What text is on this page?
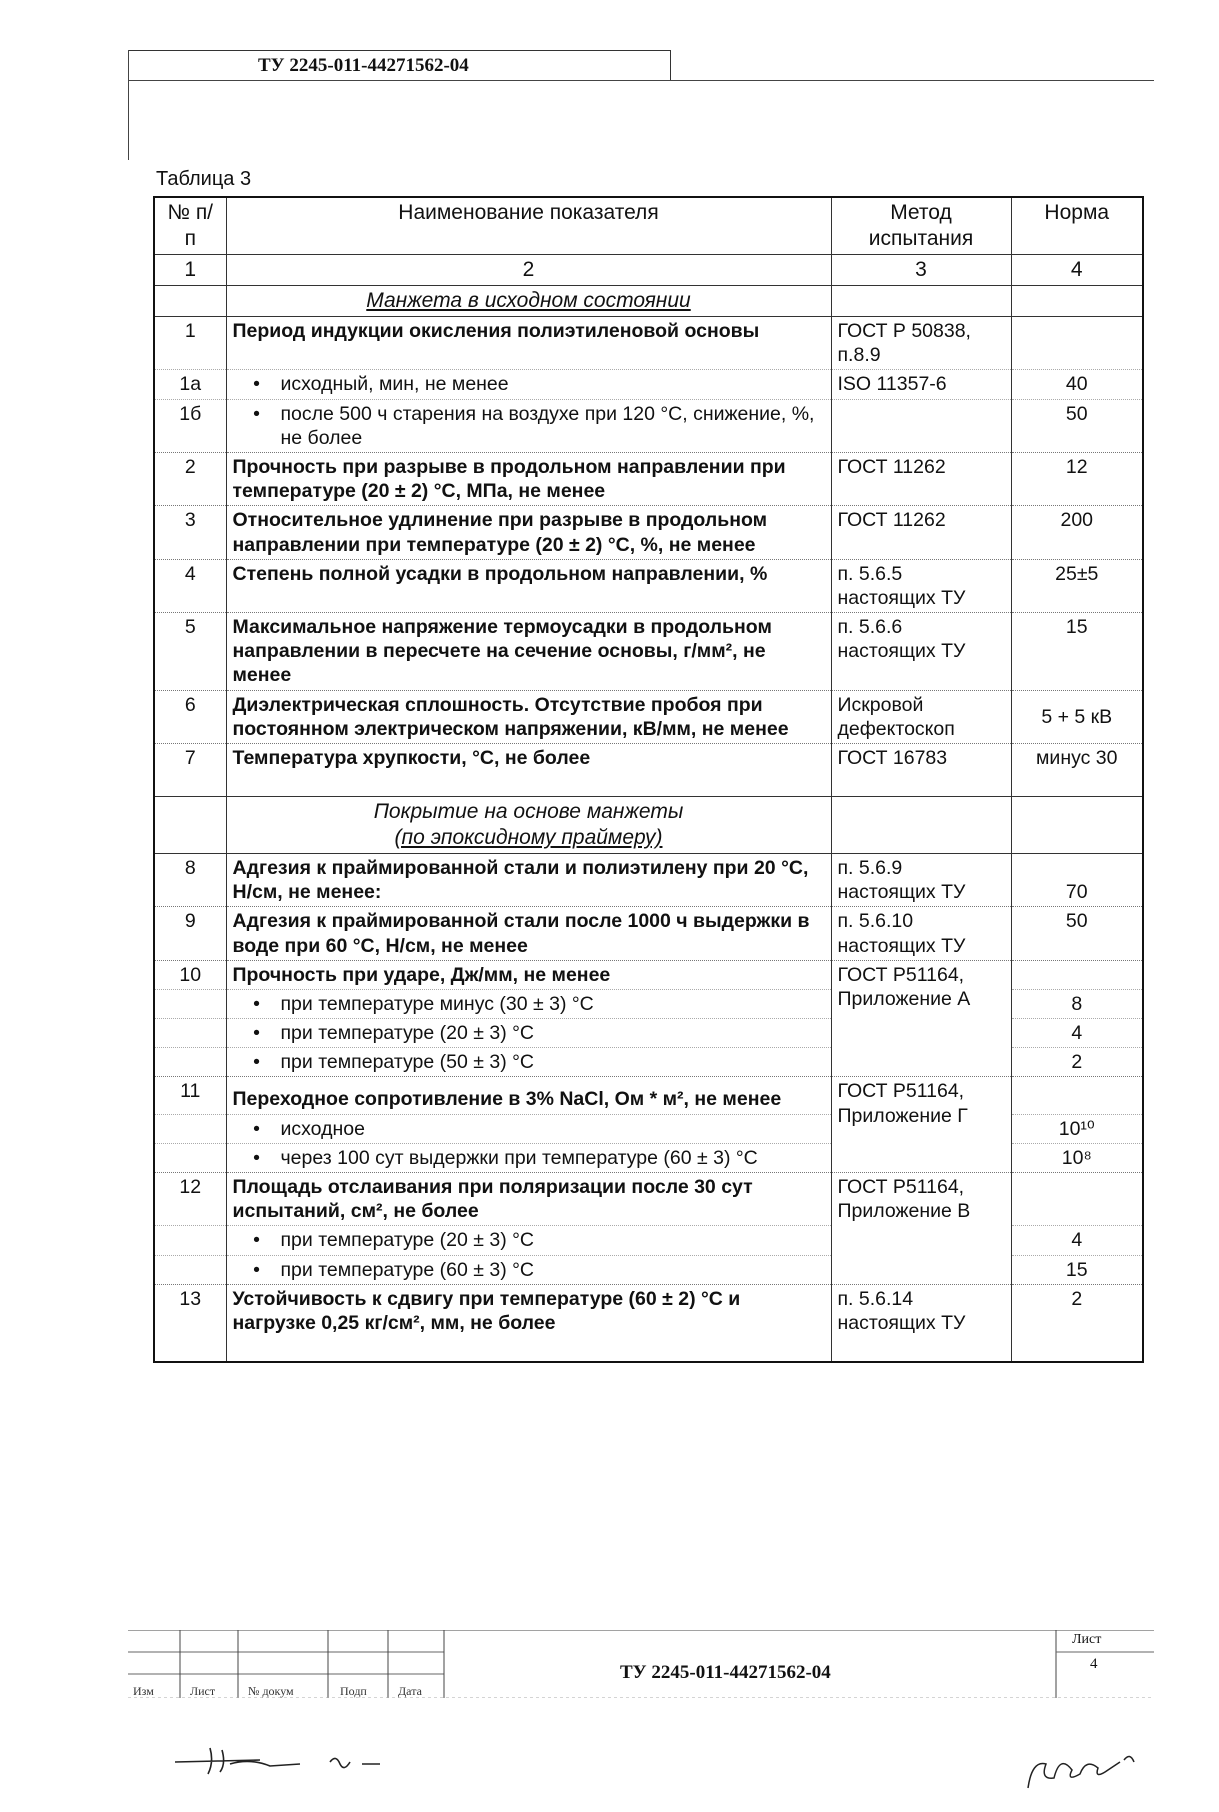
ТУ 2245-011-44271562-04
Таблица 3
№ п/п	Наименование показателя	Метод испытания	Норма
1	2	3	4
	Манжета в исходном состоянии		
1	Период индукции окисления полиэтиленовой основы	ГОСТ Р 50838, п.8.9	
1а	• исходный, мин, не менее	ISO 11357-6	40
1б	• после 500 ч старения на воздухе при 120 °С, снижение, %, не более		50
2	Прочность при разрыве в продольном направлении при температуре (20 ± 2) °С, МПа, не менее	ГОСТ 11262	12
3	Относительное удлинение при разрыве в продольном направлении при температуре (20 ± 2) °С, %, не менее	ГОСТ 11262	200
4	Степень полной усадки в продольном направлении, %	п. 5.6.5 настоящих ТУ	25±5
5	Максимальное напряжение термоусадки в продольном направлении в пересчете на сечение основы, г/мм², не менее	п. 5.6.6 настоящих ТУ	15
6	Диэлектрическая сплошность. Отсутствие пробоя при постоянном электрическом напряжении, кВ/мм, не менее	Искровой дефектоскоп	5 + 5 кВ
7	Температура хрупкости, °С, не более	ГОСТ 16783	минус 30

	Покрытие на основе манжеты
(по эпоксидному праймеру)		

8	Адгезия к праймированной стали и полиэтилену при 20 °С, Н/см, не менее:	п. 5.6.9 настоящих ТУ	70
9	Адгезия к праймированной стали после 1000 ч выдержки в воде при 60 °С, Н/см, не менее	п. 5.6.10 настоящих ТУ	50
10	Прочность при ударе, Дж/мм, не менее	ГОСТ Р51164, Приложение А	

	• при температуре минус (30 ± 3) °С		8

	• при температуре (20 ± 3) °С		4

	• при температуре (50 ± 3) °С		2
11	Переходное сопротивление в 3% NaCl, Ом * м², не менее	ГОСТ Р51164, Приложение Г	

	• исходное		10¹⁰

	• через 100 сут выдержки при температуре (60 ± 3) °С		10⁸
12	Площадь отслаивания при поляризации после 30 сут испытаний, см², не более	ГОСТ Р51164, Приложение В	

	• при температуре (20 ± 3) °С		4

	• при температуре (60 ± 3) °С		15
13	Устойчивость к сдвигу при температуре (60 ± 2) °С и нагрузке 0,25 кг/см², мм, не более	п. 5.6.14 настоящих ТУ	2

ТУ 2245-011-44271562-04
Изм	Лист	№ докум	Подп	Дата
Лист
4
